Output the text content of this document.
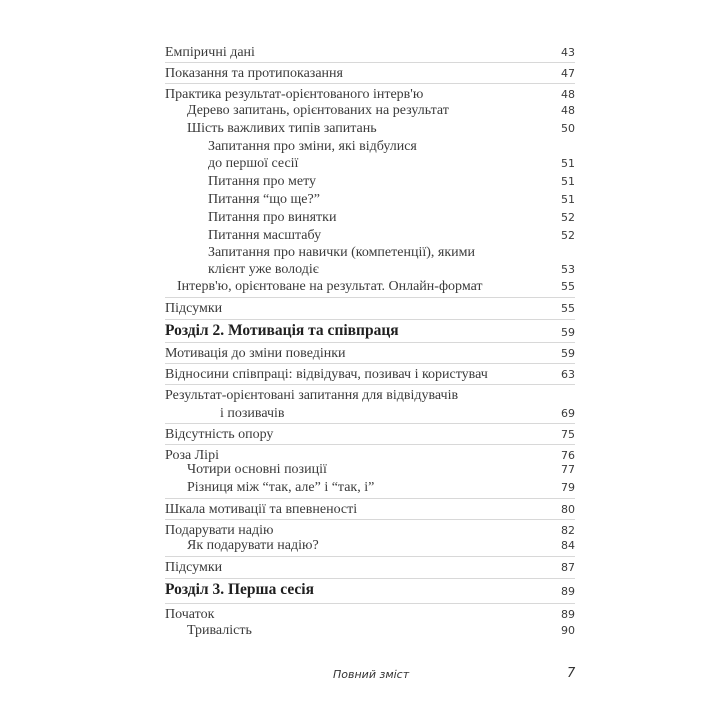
Емпіричні дані	43
Показання та протипоказання	47
Практика результат-орієнтованого інтерв'ю	48
Дерево запитань, орієнтованих на результат	48
Шість важливих типів запитань	50
Запитання про зміни, які відбулися
до першої сесії	51
Питання про мету	51
Питання “що ще?”	51
Питання про винятки	52
Питання масштабу	52
Запитання про навички (компетенції), якими
клієнт уже володіє	53
Інтерв'ю, орієнтоване на результат. Онлайн-формат	55
Підсумки	55
Розділ 2. Мотивація та співпраця	59
Мотивація до зміни поведінки	59
Відносини співпраці: відвідувач, позивач і користувач	63
Результат-орієнтовані запитання для відвідувачів
і позивачів	69
Відсутність опору	75
Роза Лірі	76
Чотири основні позиції	77
Різниця між “так, але” і “так, і”	79
Шкала мотивації та впевненості	80
Подарувати надію	82
Як подарувати надію?	84
Підсумки	87
Розділ 3. Перша сесія	89
Початок	89
Тривалість	90
Повний зміст	7
